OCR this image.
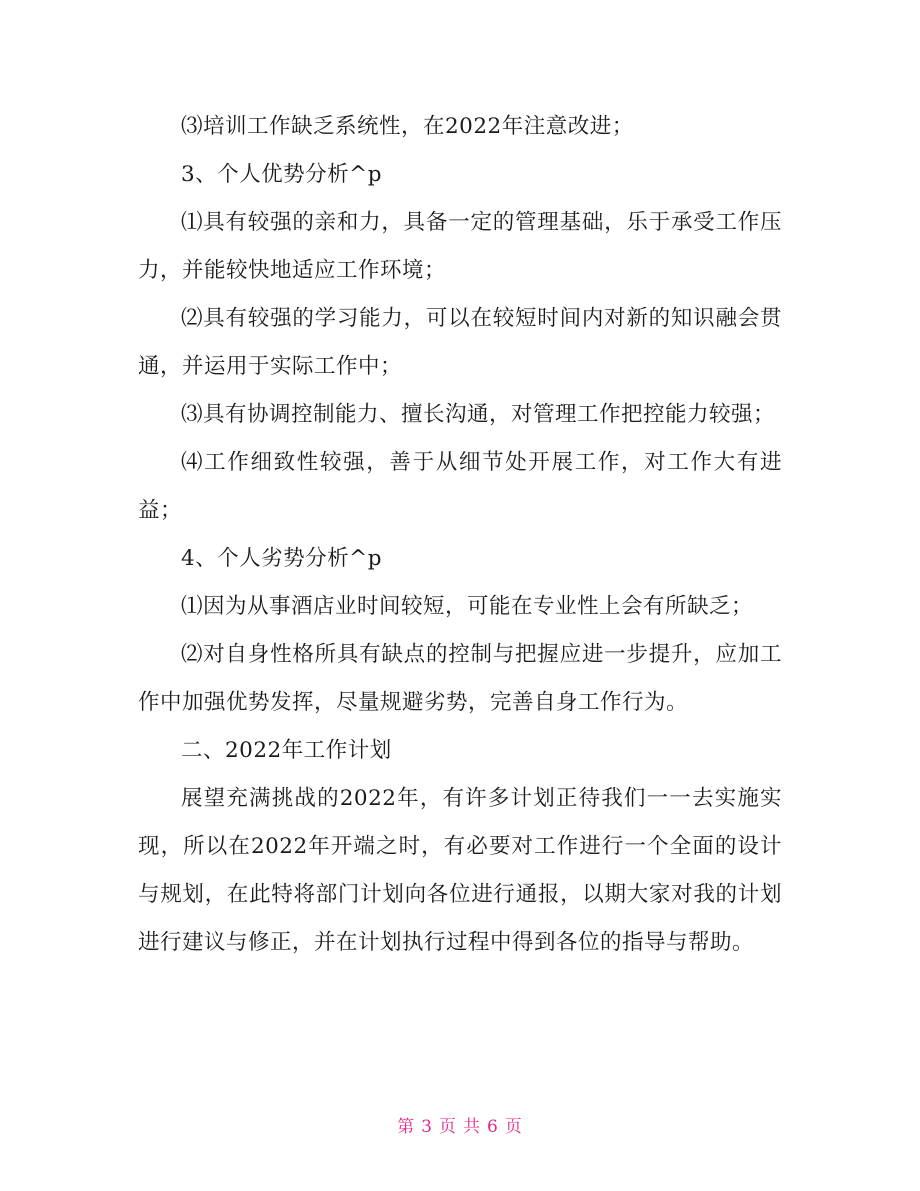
⑶培训工作缺乏系统性，在2022年注意改进；

3、个人优势分析^p

⑴具有较强的亲和力，具备一定的管理基础，乐于承受工作压力，并能较快地适应工作环境；

⑵具有较强的学习能力，可以在较短时间内对新的知识融会贯通，并运用于实际工作中；

⑶具有协调控制能力、擅长沟通，对管理工作把控能力较强；

⑷工作细致性较强，善于从细节处开展工作，对工作大有进益；

4、个人劣势分析^p

⑴因为从事酒店业时间较短，可能在专业性上会有所缺乏；

⑵对自身性格所具有缺点的控制与把握应进一步提升，应加工作中加强优势发挥，尽量规避劣势，完善自身工作行为。

二、2022年工作计划

展望充满挑战的2022年，有许多计划正待我们一一去实施实现，所以在2022年开端之时，有必要对工作进行一个全面的设计与规划，在此特将部门计划向各位进行通报，以期大家对我的计划进行建议与修正，并在计划执行过程中得到各位的指导与帮助。

第 3 页 共 6 页
